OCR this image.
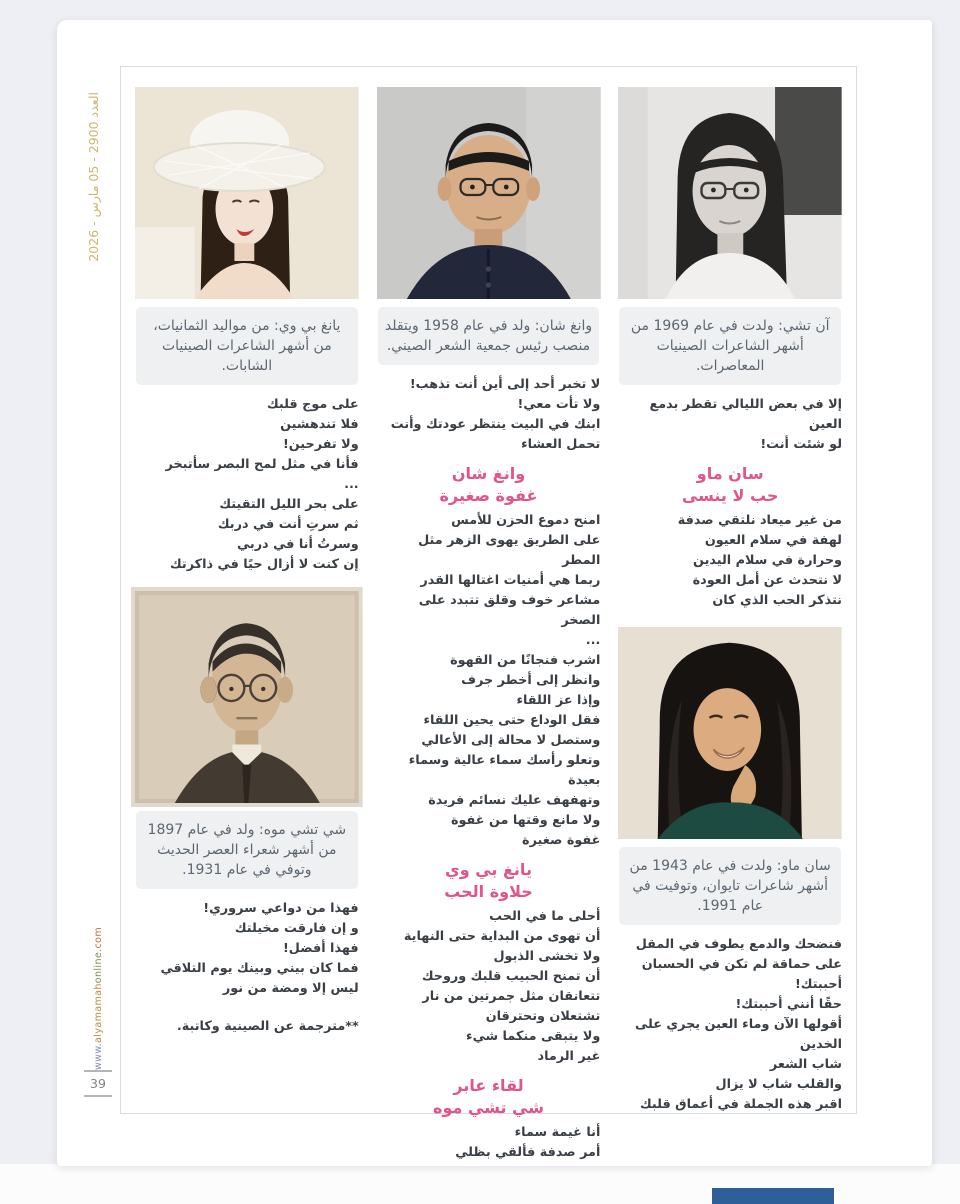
العدد 2900 - 05 مارس - 2026
www.alyamamahonline.com
39
آن تشي: ولدت في عام 1969 من أشهر الشاعرات الصينيات المعاصرات.
إلا في بعض الليالي تقطر بدمع العين
لو شئت أنت!
سان ماو
حب لا ينسى
من غير ميعاد نلتقي صدفة
لهفة في سلام العيون
وحرارة في سلام اليدين
لا نتحدث عن أمل العودة
نتذكر الحب الذي كان
سان ماو: ولدت في عام 1943 من أشهر شاعرات تايوان، وتوفيت في عام 1991.
فنضحك والدمع يطوف في المقل
على حماقة لم تكن في الحسبان
أحببتك!
حقًا أنني أحببتك!
أقولها الآن وماء العين يجري على الخدين
شاب الشعر
والقلب شاب لا يزال
اقبر هذه الجملة في أعماق قلبك
وانغ شان: ولد في عام 1958 ويتقلد منصب رئيس جمعية الشعر الصيني.
لا تخبر أحد إلى أين أنت تذهب!
ولا تأت معي!
ابنك في البيت ينتظر عودتك وأنت تحمل العشاء
وانغ شان
غفوة صغيرة
امنح دموع الحزن للأمس
على الطريق يهوى الزهر مثل المطر
ربما هي أمنيات اغتالها القدر
مشاعر خوف وقلق تتبدد على الصخر
...
اشرب فنجانًا من القهوة
وانظر إلى أخطر جرف
وإذا عز اللقاء
فقل الوداع حتى يحين اللقاء
وستصل لا محالة إلى الأعالي
وتعلو رأسك سماء عالية وسماء بعيدة
وتهفهف عليك نسائم فريدة
ولا مانع وقتها من غفوة
غفوة صغيرة
يانغ بي وي
حلاوة الحب
أحلى ما في الحب
أن تهوى من البداية حتى النهاية
ولا تخشى الذبول
أن تمنح الحبيب قلبك وروحك
تتعانقان مثل جمرتين من نار
تشتعلان وتحترقان
ولا يتبقى منكما شيء
غير الرماد
لقاء عابر
شي تشي موه
أنا غيمة سماء
أمر صدفة فألقي بظلي
يانغ بي وي: من مواليد الثمانيات، من أشهر الشاعرات الصينيات الشابات.
على موج قلبك
فلا تندهشين
ولا تفرحين!
فأنا في مثل لمح البصر سأتبخر
...
على بحر الليل التقيتك
ثم سرتِ أنت في دربك
وسرتُ أنا في دربي
إن كنت لا أزال حيًا في ذاكرتك
شي تشي موه: ولد في عام 1897 من أشهر شعراء العصر الحديث وتوفي في عام 1931.
فهذا من دواعي سروري!
و إن فارقت مخيلتك
فهذا أفضل!
فما كان بيني وبينك يوم التلاقي
ليس إلا ومضة من نور
**مترجمة عن الصينية وكاتبة.
